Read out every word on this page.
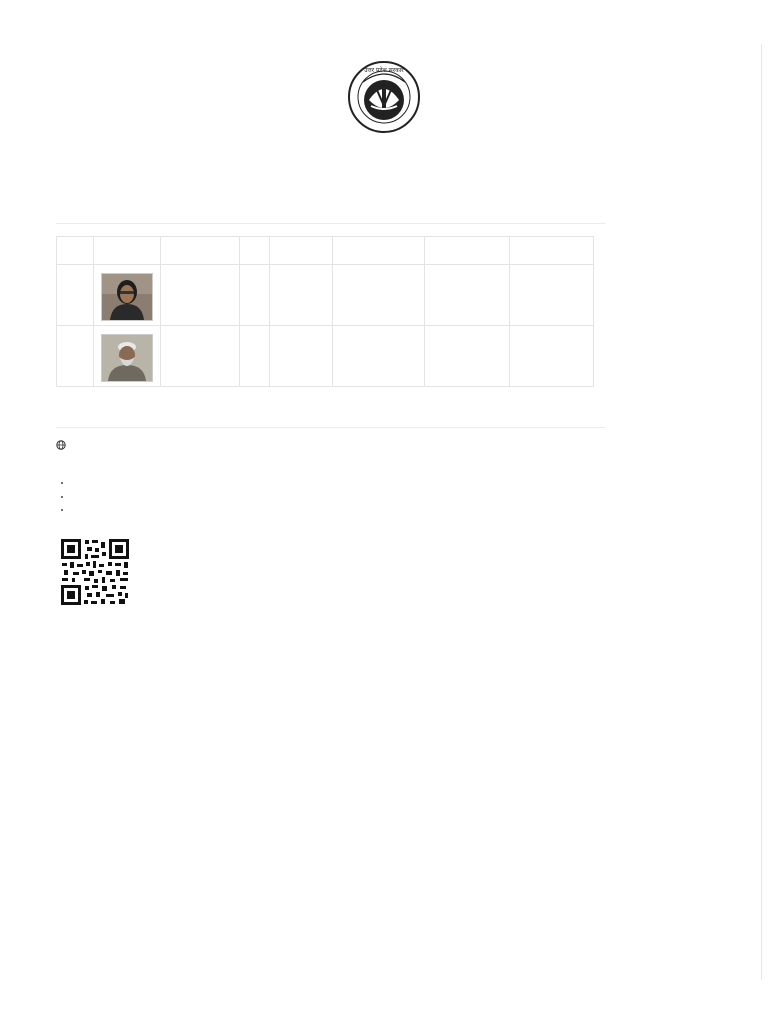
उत्तर प्रदेश सरकार
